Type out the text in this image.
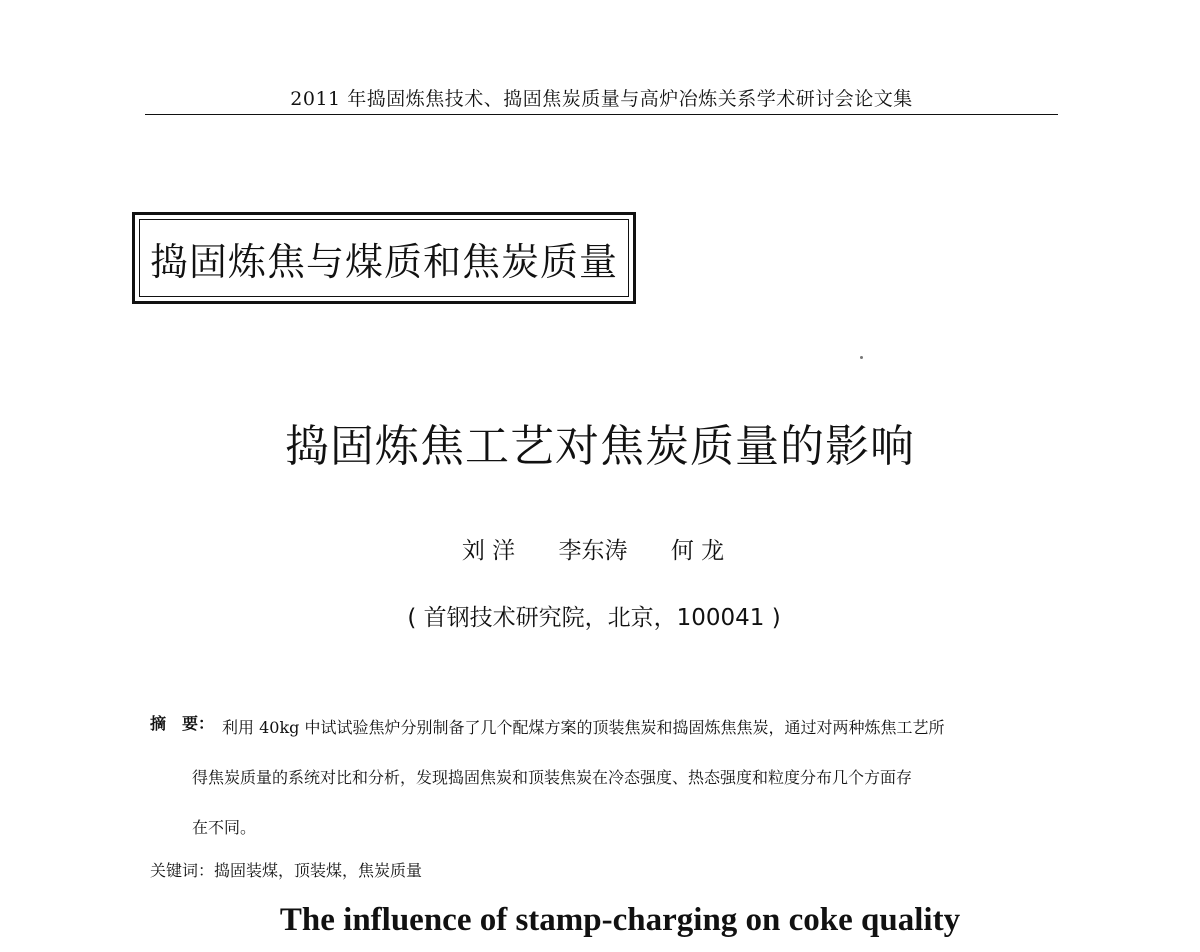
2011 年捣固炼焦技术、捣固焦炭质量与高炉冶炼关系学术研讨会论文集
捣固炼焦与煤质和焦炭质量
捣固炼焦工艺对焦炭质量的影响
刘 洋 李东涛 何 龙
( 首钢技术研究院，北京，100041 )
摘　要： 利用 40kg 中试试验焦炉分别制备了几个配煤方案的顶装焦炭和捣固炼焦焦炭，通过对两种炼焦工艺所
得焦炭质量的系统对比和分析，发现捣固焦炭和顶装焦炭在冷态强度、热态强度和粒度分布几个方面存
在不同。
关键词：捣固装煤，顶装煤，焦炭质量
The influence of stamp-charging on coke quality
